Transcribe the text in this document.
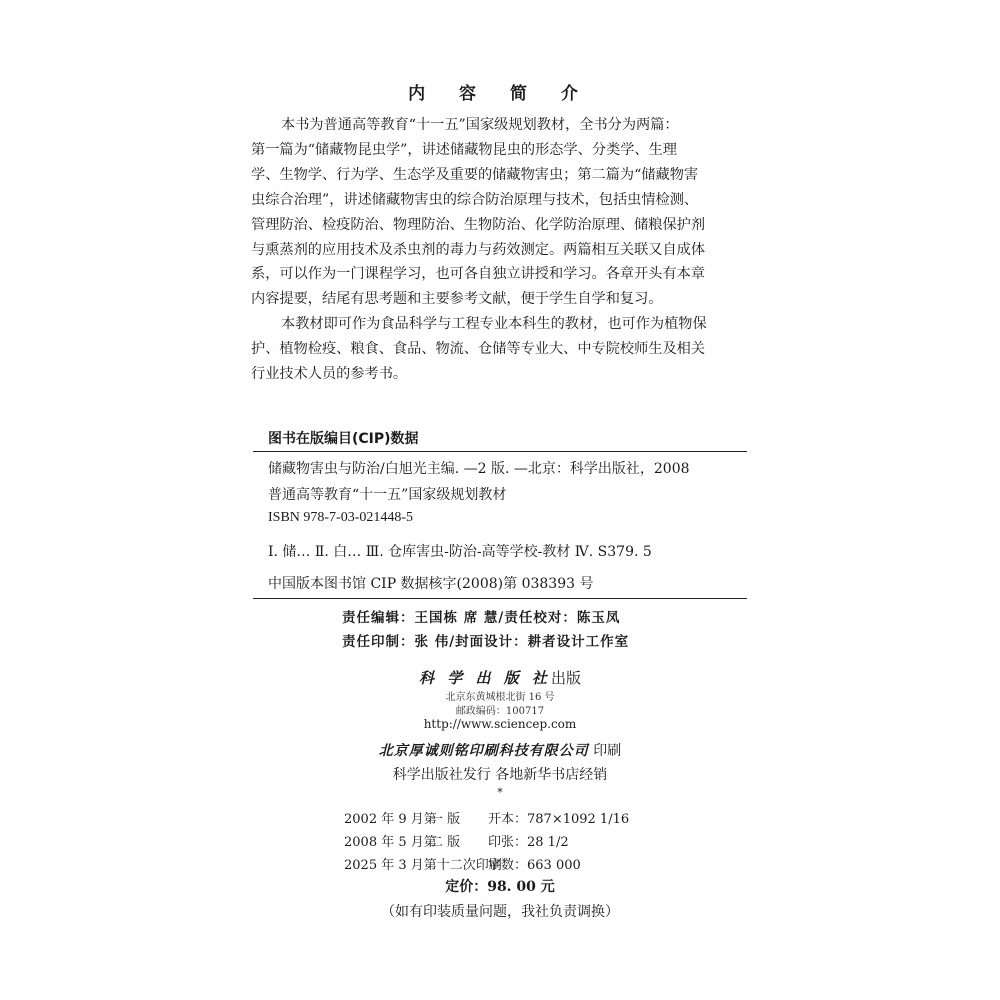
内 容 简 介
本书为普通高等教育“十一五”国家级规划教材，全书分为两篇：
第一篇为“储藏物昆虫学”，讲述储藏物昆虫的形态学、分类学、生理
学、生物学、行为学、生态学及重要的储藏物害虫；第二篇为“储藏物害
虫综合治理”，讲述储藏物害虫的综合防治原理与技术，包括虫情检测、
管理防治、检疫防治、物理防治、生物防治、化学防治原理、储粮保护剂
与熏蒸剂的应用技术及杀虫剂的毒力与药效测定。两篇相互关联又自成体
系，可以作为一门课程学习，也可各自独立讲授和学习。各章开头有本章
内容提要，结尾有思考题和主要参考文献，便于学生自学和复习。
本教材即可作为食品科学与工程专业本科生的教材，也可作为植物保
护、植物检疫、粮食、食品、物流、仓储等专业大、中专院校师生及相关
行业技术人员的参考书。
图书在版编目(CIP)数据
储藏物害虫与防治/白旭光主编. —2 版. —北京：科学出版社，2008
普通高等教育“十一五”国家级规划教材
ISBN 978-7-03-021448-5
Ⅰ. 储… Ⅱ. 白… Ⅲ. 仓库害虫-防治-高等学校-教材 Ⅳ. S379. 5
中国版本图书馆 CIP 数据核字(2008)第 038393 号
责任编辑：王国栋 席 慧/责任校对：陈玉凤
责任印制：张 伟/封面设计：耕者设计工作室
科 学 出 版 社出版
北京东黄城根北街 16 号
邮政编码：100717
http://www.sciencep.com
北京厚诚则铭印刷科技有限公司 印刷
科学出版社发行 各地新华书店经销
*
2002 年 9 月第一 版 开本：787×1092 1/16
2008 年 5 月第二 版 印张：28 1/2
2025 年 3 月第十二次印刷字数：663 000
定价：98. 00 元
（如有印装质量问题，我社负责调换）
